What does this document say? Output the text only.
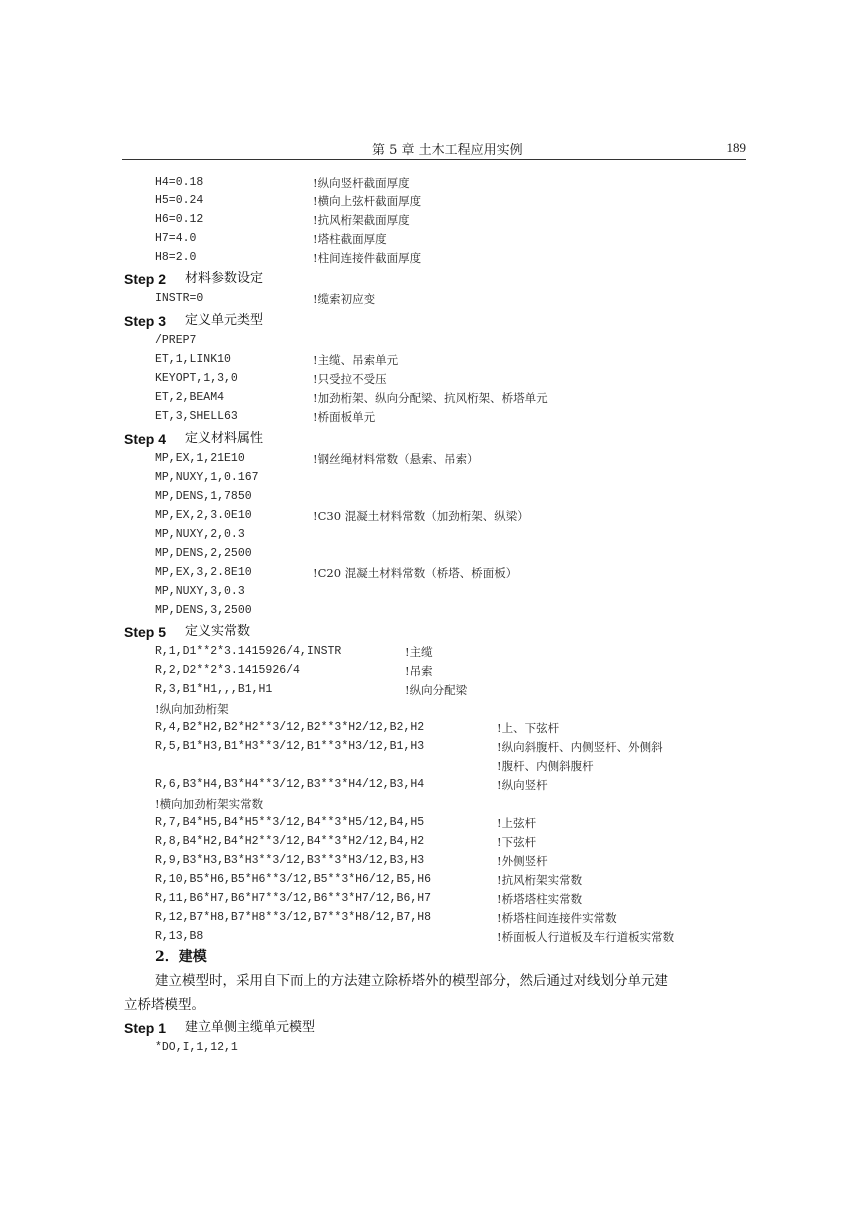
第 5 章 土木工程应用实例	189
H4=0.18	!纵向竖杆截面厚度
H5=0.24	!横向上弦杆截面厚度
H6=0.12	!抗风桁架截面厚度
H7=4.0	!塔柱截面厚度
H8=2.0	!柱间连接件截面厚度
Step 2 材料参数设定
INSTR=0	!缆索初应变
Step 3 定义单元类型
/PREP7
ET,1,LINK10	!主缆、吊索单元
KEYOPT,1,3,0	!只受拉不受压
ET,2,BEAM4	!加劲桁架、纵向分配梁、抗风桁架、桥塔单元
ET,3,SHELL63	!桥面板单元
Step 4 定义材料属性
MP,EX,1,21E10	!钢丝绳材料常数（悬索、吊索）
MP,NUXY,1,0.167
MP,DENS,1,7850
MP,EX,2,3.0E10	!C30 混凝土材料常数（加劲桁架、纵梁）
MP,NUXY,2,0.3
MP,DENS,2,2500
MP,EX,3,2.8E10	!C20 混凝土材料常数（桥塔、桥面板）
MP,NUXY,3,0.3
MP,DENS,3,2500
Step 5 定义实常数
R,1,D1**2*3.1415926/4,INSTR	!主缆
R,2,D2**2*3.1415926/4	!吊索
R,3,B1*H1,,,B1,H1	!纵向分配梁
!纵向加劲桁架
R,4,B2*H2,B2*H2**3/12,B2**3*H2/12,B2,H2	!上、下弦杆
R,5,B1*H3,B1*H3**3/12,B1**3*H3/12,B1,H3	!纵向斜腹杆、内侧竖杆、外侧斜
!腹杆、内侧斜腹杆
R,6,B3*H4,B3*H4**3/12,B3**3*H4/12,B3,H4	!纵向竖杆
!横向加劲桁架实常数
R,7,B4*H5,B4*H5**3/12,B4**3*H5/12,B4,H5	!上弦杆
R,8,B4*H2,B4*H2**3/12,B4**3*H2/12,B4,H2	!下弦杆
R,9,B3*H3,B3*H3**3/12,B3**3*H3/12,B3,H3	!外侧竖杆
R,10,B5*H6,B5*H6**3/12,B5**3*H6/12,B5,H6	!抗风桁架实常数
R,11,B6*H7,B6*H7**3/12,B6**3*H7/12,B6,H7	!桥塔塔柱实常数
R,12,B7*H8,B7*H8**3/12,B7**3*H8/12,B7,H8	!桥塔柱间连接件实常数
R,13,B8	!桥面板人行道板及车行道板实常数
2．建模
建立模型时，采用自下而上的方法建立除桥塔外的模型部分，然后通过对线划分单元建
立桥塔模型。
Step 1 建立单侧主缆单元模型
*DO,I,1,12,1
